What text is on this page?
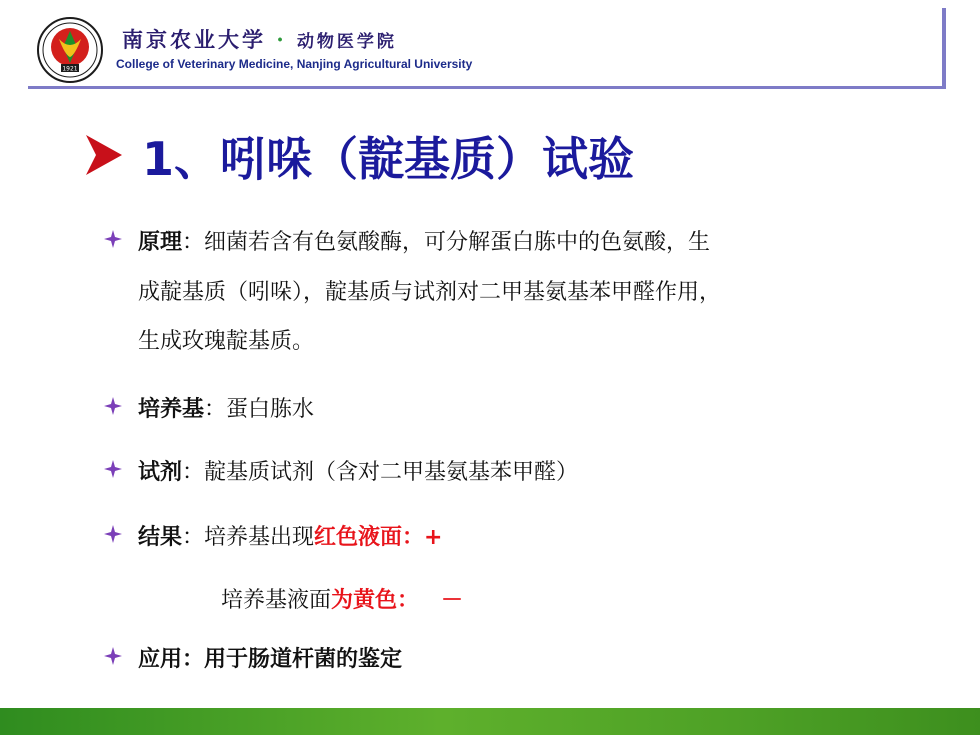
1921
南京农业大学 · 动物医学院
College of Veterinary Medicine, Nanjing Agricultural University
1、吲哚（靛基质）试验
原理：细菌若含有色氨酸酶，可分解蛋白胨中的色氨酸，生
成靛基质（吲哚），靛基质与试剂对二甲基氨基苯甲醛作用，
生成玫瑰靛基质。
培养基：蛋白胨水
试剂：靛基质试剂（含对二甲基氨基苯甲醛）
结果：培养基出现红色液面：+
培养基液面为黄色： －
应用：用于肠道杆菌的鉴定
